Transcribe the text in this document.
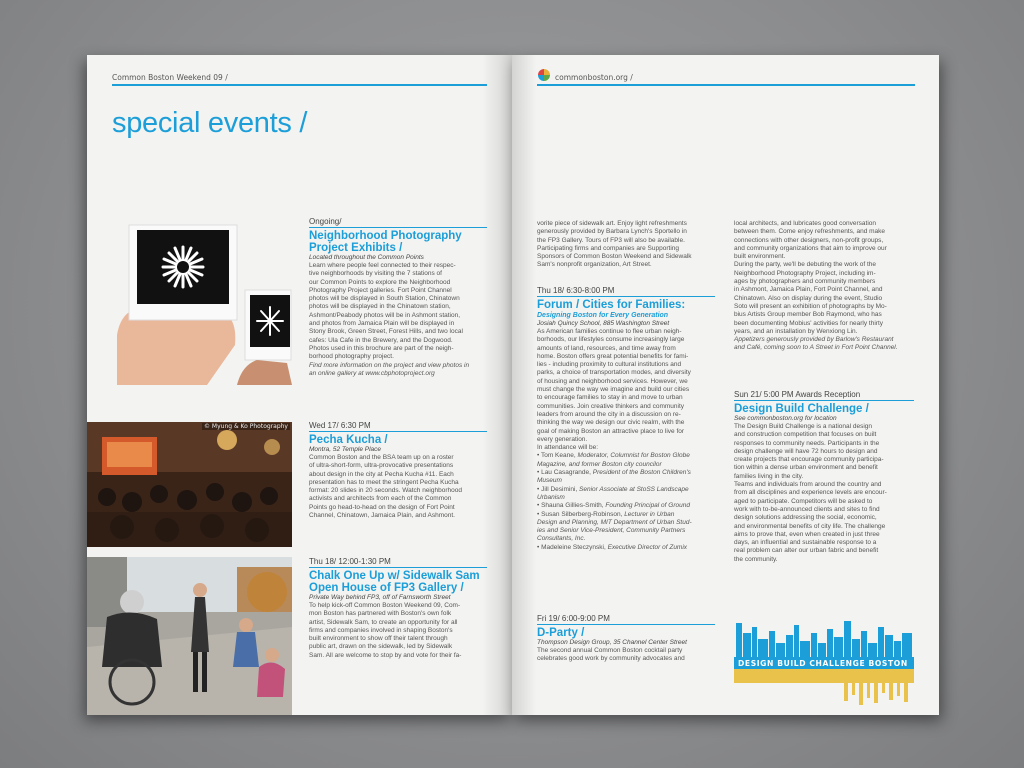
Common Boston Weekend 09 /
special events /
© Myung & Ko Photography
Ongoing/
Neighborhood Photography
Project Exhibits /
Located throughout the Common Points
Learn where people feel connected to their respec-
tive neighborhoods by visiting the 7 stations of
our Common Points to explore the Neighborhood
Photography Project galleries. Fort Point Channel
photos will be displayed in South Station, Chinatown
photos will be displayed in the Chinatown station,
Ashmont/Peabody photos will be in Ashmont station,
and photos from Jamaica Plain will be displayed in
Stony Brook, Green Street, Forest Hills, and two local
cafes: Ula Cafe in the Brewery, and the Dogwood.
Photos used in this brochure are part of the neigh-
borhood photography project.
Find more information on the project and view photos in
an online gallery at www.cbphotoproject.org
Wed 17/ 6:30 PM
Pecha Kucha /
Montra, 52 Temple Place
Common Boston and the BSA team up on a roster
of ultra-short-form, ultra-provocative presentations
about design in the city at Pecha Kucha #11. Each
presentation has to meet the stringent Pecha Kucha
format: 20 slides in 20 seconds. Watch neighborhood
activists and architects from each of the Common
Points go head-to-head on the design of Fort Point
Channel, Chinatown, Jamaica Plain, and Ashmont.
Thu 18/ 12:00-1:30 PM
Chalk One Up w/ Sidewalk Sam
Open House of FP3 Gallery /
Private Way behind FP3, off of Farnsworth Street
To help kick-off Common Boston Weekend 09, Com-
mon Boston has partnered with Boston's own folk
artist, Sidewalk Sam, to create an opportunity for all
firms and companies involved in shaping Boston's
built environment to show off their talent through
public art, drawn on the sidewalk, led by Sidewalk
Sam. All are welcome to stop by and vote for their fa-
commonboston.org /
vorite piece of sidewalk art. Enjoy light refreshments
generously provided by Barbara Lynch's Sportello in
the FP3 Gallery. Tours of FP3 will also be available.
Participating firms and companies are Supporting
Sponsors of Common Boston Weekend and Sidewalk
Sam's nonprofit organization, Art Street.
Thu 18/ 6:30-8:00 PM
Forum / Cities for Families:
Designing Boston for Every Generation
Josiah Quincy School, 885 Washington Street
As American families continue to flee urban neigh-
borhoods, our lifestyles consume increasingly large
amounts of land, resources, and time away from
home. Boston offers great potential benefits for fami-
lies - including proximity to cultural institutions and
parks, a choice of transportation modes, and diversity
of housing and neighborhood services. However, we
must change the way we imagine and build our cities
to encourage families to stay in and move to urban
communities. Join creative thinkers and community
leaders from around the city in a discussion on re-
thinking the way we design our civic realm, with the
goal of making Boston an attractive place to live for
every generation.
In attendance will be:
• Tom Keane, Moderator, Columnist for Boston Globe
Magazine, and former Boston city councilor
• Lau Casagrande, President of the Boston Children's
Museum
• Jill Desimini, Senior Associate at StoSS Landscape
Urbanism
• Shauna Gillies-Smith, Founding Principal of Ground
• Susan Silberberg-Robinson, Lecturer in Urban
Design and Planning, MIT Department of Urban Stud-
ies and Senior Vice-President, Community Partners
Consultants, Inc.
• Madeleine Steczynski, Executive Director of Zumix
Fri 19/ 6:00-9:00 PM
D-Party /
Thompson Design Group, 35 Channel Center Street
The second annual Common Boston cocktail party
celebrates good work by community advocates and
local architects, and lubricates good conversation
between them. Come enjoy refreshments, and make
connections with other designers, non-profit groups,
and community organizations that aim to improve our
built environment.
During the party, we'll be debuting the work of the
Neighborhood Photography Project, including im-
ages by photographers and community members
in Ashmont, Jamaica Plain, Fort Point Channel, and
Chinatown. Also on display during the event, Studio
Soto will present an exhibition of photographs by Mo-
bius Artists Group member Bob Raymond, who has
been documenting Mobius' activities for nearly thirty
years, and an installation by Wenxiong Lin.
Appetizers generously provided by Barlow's Restaurant
and Café, coming soon to A Street in Fort Point Channel.
Sun 21/ 5:00 PM Awards Reception
Design Build Challenge /
See commonboston.org for location
The Design Build Challenge is a national design
and construction competition that focuses on built
responses to community needs. Participants in the
design challenge will have 72 hours to design and
create projects that encourage community participa-
tion within a dense urban environment and benefit
families living in the city.
Teams and individuals from around the country and
from all disciplines and experience levels are encour-
aged to participate. Competitors will be asked to
work with to-be-announced clients and sites to find
design solutions addressing the social, economic,
and environmental benefits of city life. The challenge
aims to prove that, even when created in just three
days, an influential and sustainable response to a
real problem can alter our urban fabric and benefit
the community.
DESIGN BUILD CHALLENGE BOSTON
